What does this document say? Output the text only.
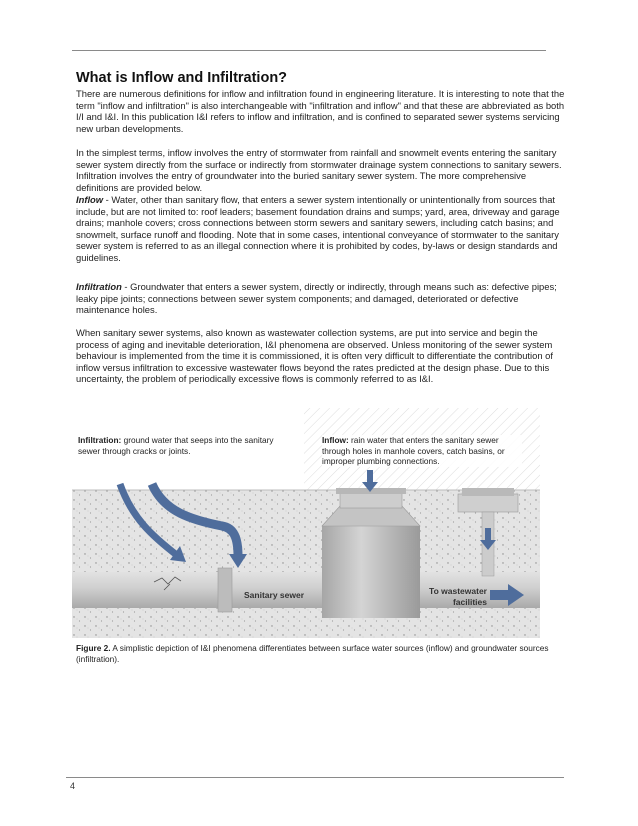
What is Inflow and Infiltration?

There are numerous definitions for inflow and infiltration found in engineering literature. It is interesting to note that the term "inflow and infiltration" is also interchangeable with "infiltration and inflow" and that these are abbreviated as both I/I and I&I. In this publication I&I refers to inflow and infiltration, and is confined to separated sewer systems servicing new urban developments.

In the simplest terms, inflow involves the entry of stormwater from rainfall and snowmelt events entering the sanitary sewer system directly from the surface or indirectly from stormwater drainage system connections to sanitary sewers. Infiltration involves the entry of groundwater into the buried sanitary sewer system. The more comprehensive definitions are provided below.

Inflow - Water, other than sanitary flow, that enters a sewer system intentionally or unintentionally from sources that include, but are not limited to: roof leaders; basement foundation drains and sumps; yard, area, driveway and garage drains; manhole covers; cross connections between storm sewers and sanitary sewers, including catch basins; and snowmelt, surface runoff and flooding. Note that in some cases, intentional conveyance of stormwater to the sanitary sewer system is referred to as an illegal connection where it is prohibited by codes, by-laws or design standards and guidelines.

Infiltration - Groundwater that enters a sewer system, directly or indirectly, through means such as: defective pipes; leaky pipe joints; connections between sewer system components; and damaged, deteriorated or defective maintenance holes.

When sanitary sewer systems, also known as wastewater collection systems, are put into service and begin the process of aging and inevitable deterioration, I&I phenomena are observed. Unless monitoring of the sewer system behaviour is implemented from the time it is commissioned, it is often very difficult to differentiate the contribution of inflow versus infiltration to excessive wastewater flows beyond the rates predicted at the design phase. Due to this uncertainty, the problem of periodically excessive flows is commonly referred to as I&I.

Infiltration: ground water that seeps into the sanitary sewer through cracks or joints.
Inflow: rain water that enters the sanitary sewer through holes in manhole covers, catch basins, or improper plumbing connections.
Sanitary sewer	To wastewater
facilities

Figure 2. A simplistic depiction of I&I phenomena differentiates between surface water sources (inflow) and groundwater sources (infiltration).

4
